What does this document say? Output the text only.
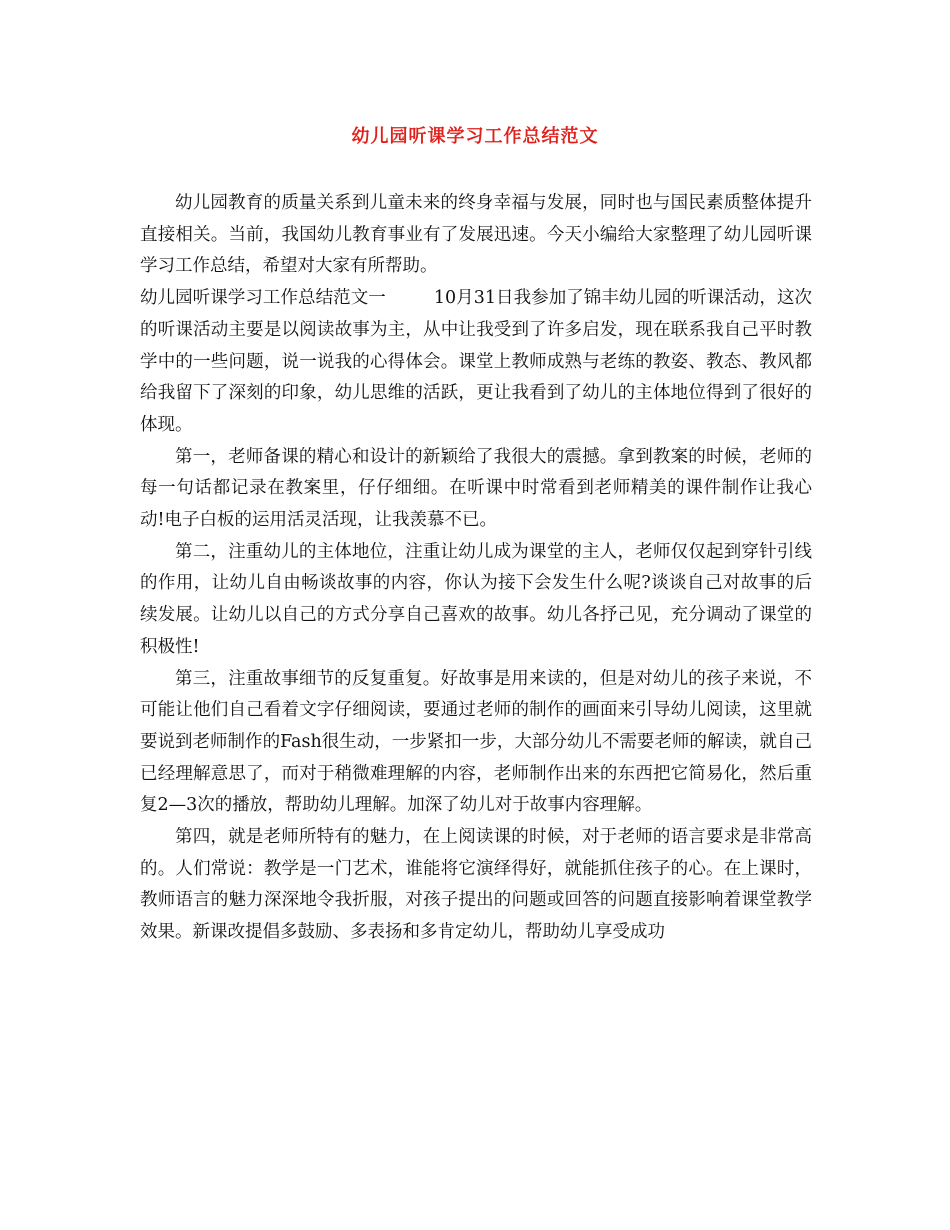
幼儿园听课学习工作总结范文

幼儿园教育的质量关系到儿童未来的终身幸福与发展，同时也与国民素质整体提升直接相关。当前，我国幼儿教育事业有了发展迅速。今天小编给大家整理了幼儿园听课学习工作总结，希望对大家有所帮助。

幼儿园听课学习工作总结范文一	10月31日我参加了锦丰幼儿园的听课活动，这次的听课活动主要是以阅读故事为主，从中让我受到了许多启发，现在联系我自己平时教学中的一些问题，说一说我的心得体会。课堂上教师成熟与老练的教姿、教态、教风都给我留下了深刻的印象，幼儿思维的活跃，更让我看到了幼儿的主体地位得到了很好的体现。

第一，老师备课的精心和设计的新颖给了我很大的震撼。拿到教案的时候，老师的每一句话都记录在教案里，仔仔细细。在听课中时常看到老师精美的课件制作让我心动!电子白板的运用活灵活现，让我羡慕不已。

第二，注重幼儿的主体地位，注重让幼儿成为课堂的主人，老师仅仅起到穿针引线的作用，让幼儿自由畅谈故事的内容，你认为接下会发生什么呢?谈谈自己对故事的后续发展。让幼儿以自己的方式分享自己喜欢的故事。幼儿各抒己见，充分调动了课堂的积极性!

第三，注重故事细节的反复重复。好故事是用来读的，但是对幼儿的孩子来说，不可能让他们自己看着文字仔细阅读，要通过老师的制作的画面来引导幼儿阅读，这里就要说到老师制作的Fash很生动，一步紧扣一步，大部分幼儿不需要老师的解读，就自己已经理解意思了，而对于稍微难理解的内容，老师制作出来的东西把它简易化，然后重复2—3次的播放，帮助幼儿理解。加深了幼儿对于故事内容理解。

第四，就是老师所特有的魅力，在上阅读课的时候，对于老师的语言要求是非常高的。人们常说：教学是一门艺术，谁能将它演绎得好，就能抓住孩子的心。在上课时，教师语言的魅力深深地令我折服，对孩子提出的问题或回答的问题直接影响着课堂教学效果。新课改提倡多鼓励、多表扬和多肯定幼儿，帮助幼儿享受成功
